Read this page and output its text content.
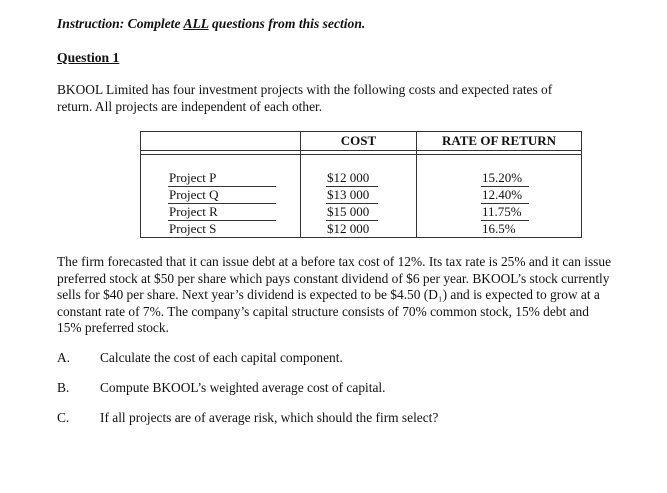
Instruction: Complete ALL questions from this section.
Question 1
BKOOL Limited has four investment projects with the following costs and expected rates of
return. All projects are independent of each other.
COST	RATE OF RETURN
Project P
Project Q
Project R
Project S
$12 000
$13 000
$15 000
$12 000
15.20%
12.40%
11.75%
16.5%
The firm forecasted that it can issue debt at a before tax cost of 12%. Its tax rate is 25% and it can issue
preferred stock at $50 per share which pays constant dividend of $6 per year. BKOOL’s stock currently
sells for $40 per share. Next year’s dividend is expected to be $4.50 (D₁) and is expected to grow at a
constant rate of 7%. The company’s capital structure consists of 70% common stock, 15% debt and
15% preferred stock.
A. Calculate the cost of each capital component.
B. Compute BKOOL’s weighted average cost of capital.
C. If all projects are of average risk, which should the firm select?
